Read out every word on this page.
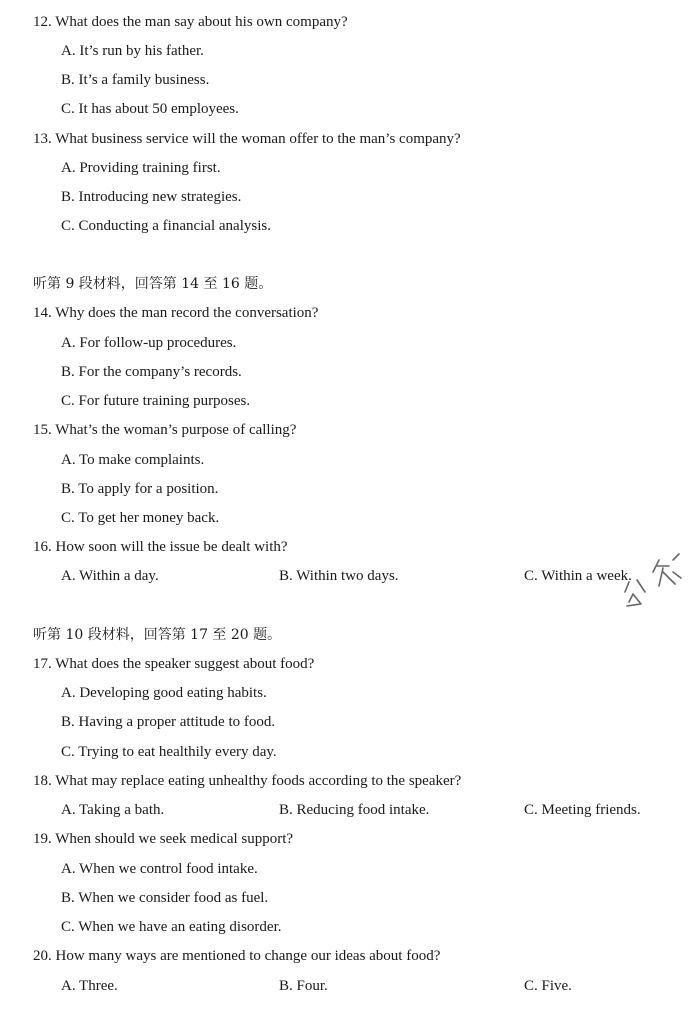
12. What does the man say about his own company?
A. It’s run by his father.
B. It’s a family business.
C. It has about 50 employees.
13. What business service will the woman offer to the man’s company?
A. Providing training first.
B. Introducing new strategies.
C. Conducting a financial analysis.
听第 9 段材料，回答第 14 至 16 题。
14. Why does the man record the conversation?
A. For follow-up procedures.
B. For the company’s records.
C. For future training purposes.
15. What’s the woman’s purpose of calling?
A. To make complaints.
B. To apply for a position.
C. To get her money back.
16. How soon will the issue be dealt with?
A. Within a day.	B. Within two days.	C. Within a week.
听第 10 段材料，回答第 17 至 20 题。
17. What does the speaker suggest about food?
A. Developing good eating habits.
B. Having a proper attitude to food.
C. Trying to eat healthily every day.
18. What may replace eating unhealthy foods according to the speaker?
A. Taking a bath.	B. Reducing food intake.	C. Meeting friends.
19. When should we seek medical support?
A. When we control food intake.
B. When we consider food as fuel.
C. When we have an eating disorder.
20. How many ways are mentioned to change our ideas about food?
A. Three.	B. Four.	C. Five.
